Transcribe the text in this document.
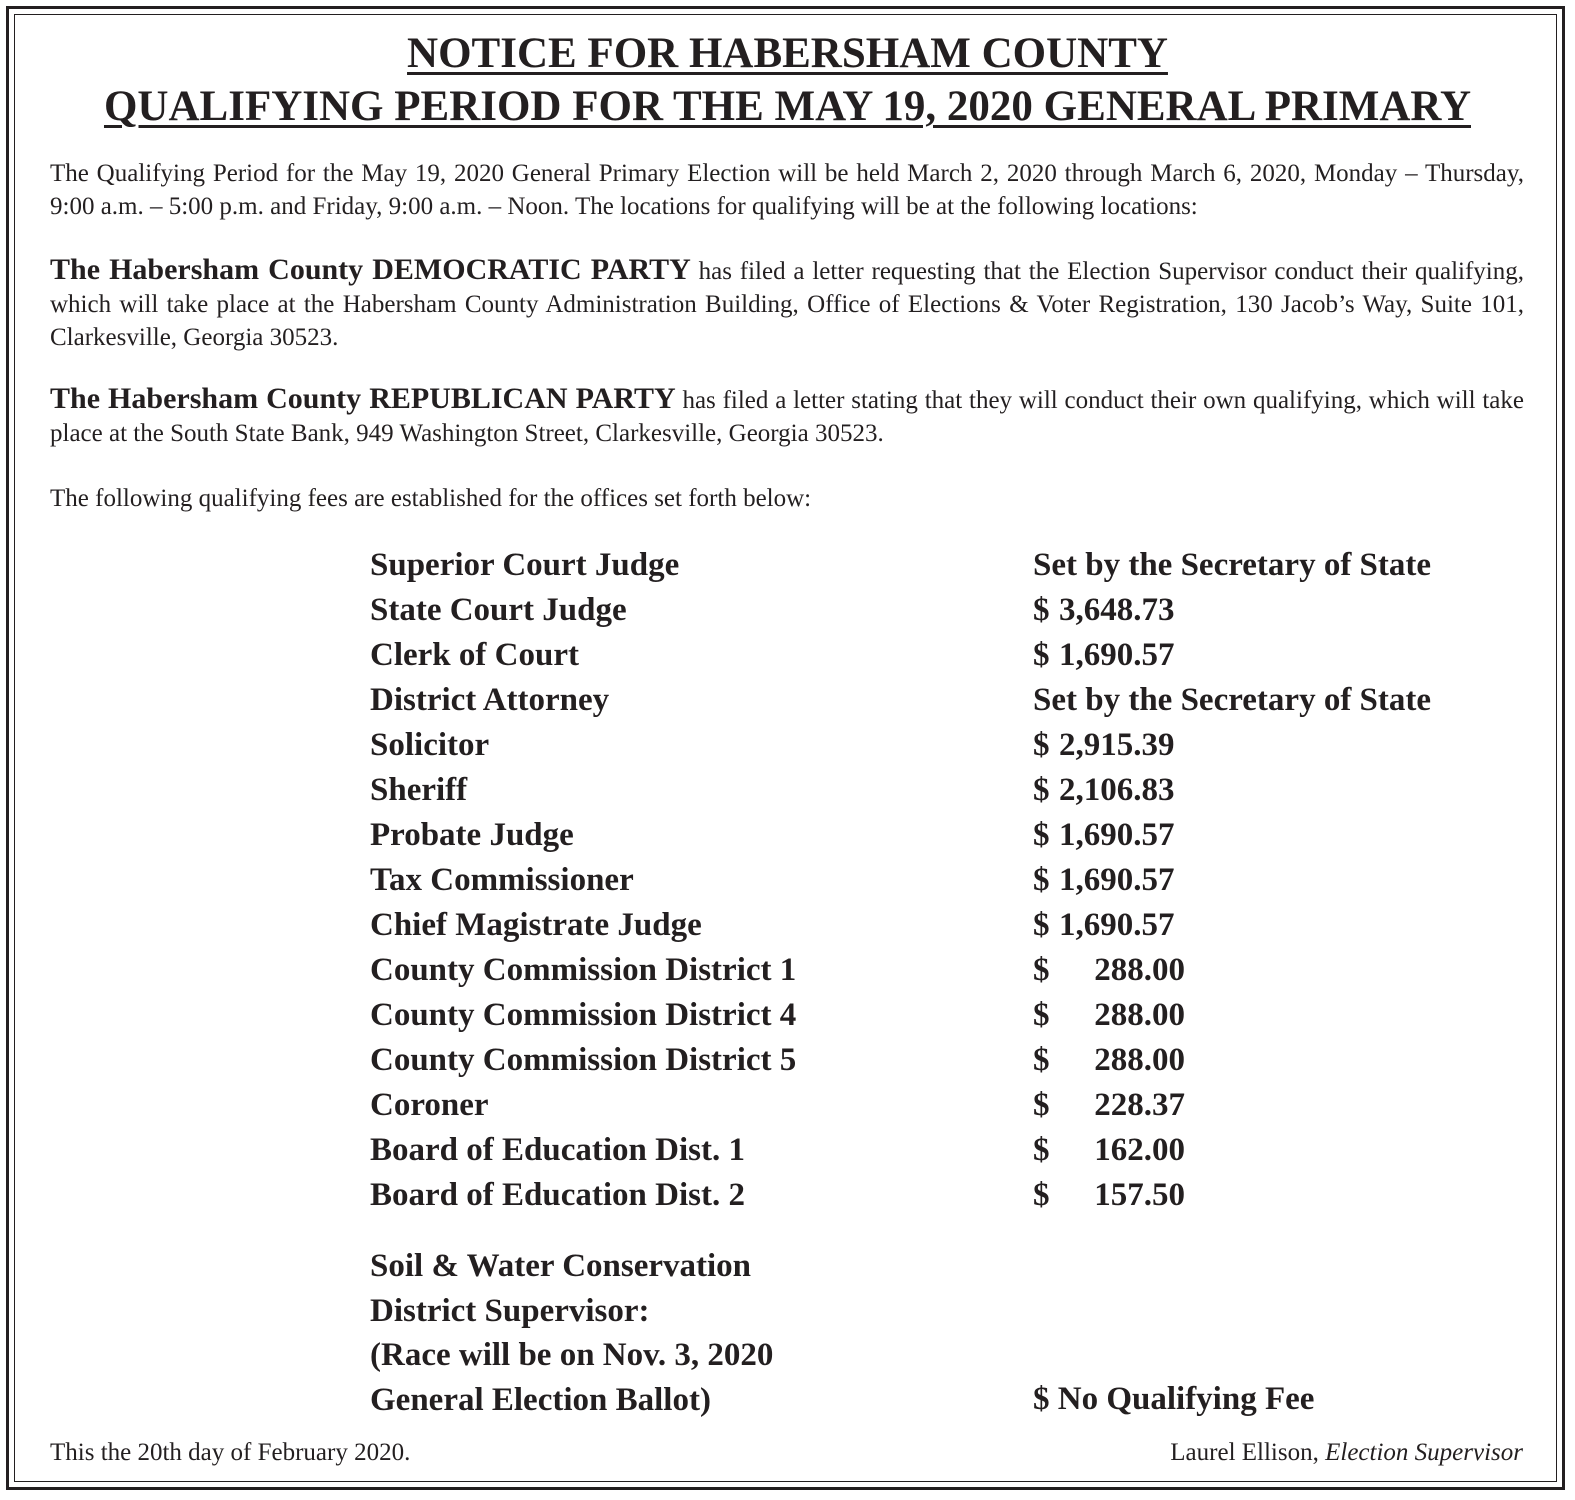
NOTICE FOR HABERSHAM COUNTY
QUALIFYING PERIOD FOR THE MAY 19, 2020 GENERAL PRIMARY
The Qualifying Period for the May 19, 2020 General Primary Election will be held March 2, 2020 through March 6, 2020, Monday – Thursday, 9:00 a.m. – 5:00 p.m. and Friday, 9:00 a.m. – Noon. The locations for qualifying will be at the following locations:
The Habersham County DEMOCRATIC PARTY has filed a letter requesting that the Election Supervisor conduct their qualifying, which will take place at the Habersham County Administration Building, Office of Elections & Voter Registration, 130 Jacob’s Way, Suite 101, Clarkesville, Georgia 30523.
The Habersham County REPUBLICAN PARTY has filed a letter stating that they will conduct their own qualifying, which will take place at the South State Bank, 949 Washington Street, Clarkesville, Georgia 30523.
The following qualifying fees are established for the offices set forth below:
Superior Court Judge	Set by the Secretary of State
State Court Judge	$ 3,648.73
Clerk of Court	$ 1,690.57
District Attorney	Set by the Secretary of State
Solicitor	$ 2,915.39
Sheriff	$ 2,106.83
Probate Judge	$ 1,690.57
Tax Commissioner	$ 1,690.57
Chief Magistrate Judge	$ 1,690.57
County Commission District 1	$ 288.00
County Commission District 4	$ 288.00
County Commission District 5	$ 288.00
Coroner	$ 228.37
Board of Education Dist. 1	$ 162.00
Board of Education Dist. 2	$ 157.50
Soil & Water Conservation
District Supervisor:
(Race will be on Nov. 3, 2020
General Election Ballot)	$ No Qualifying Fee
This the 20th day of February 2020.	Laurel Ellison, Election Supervisor
